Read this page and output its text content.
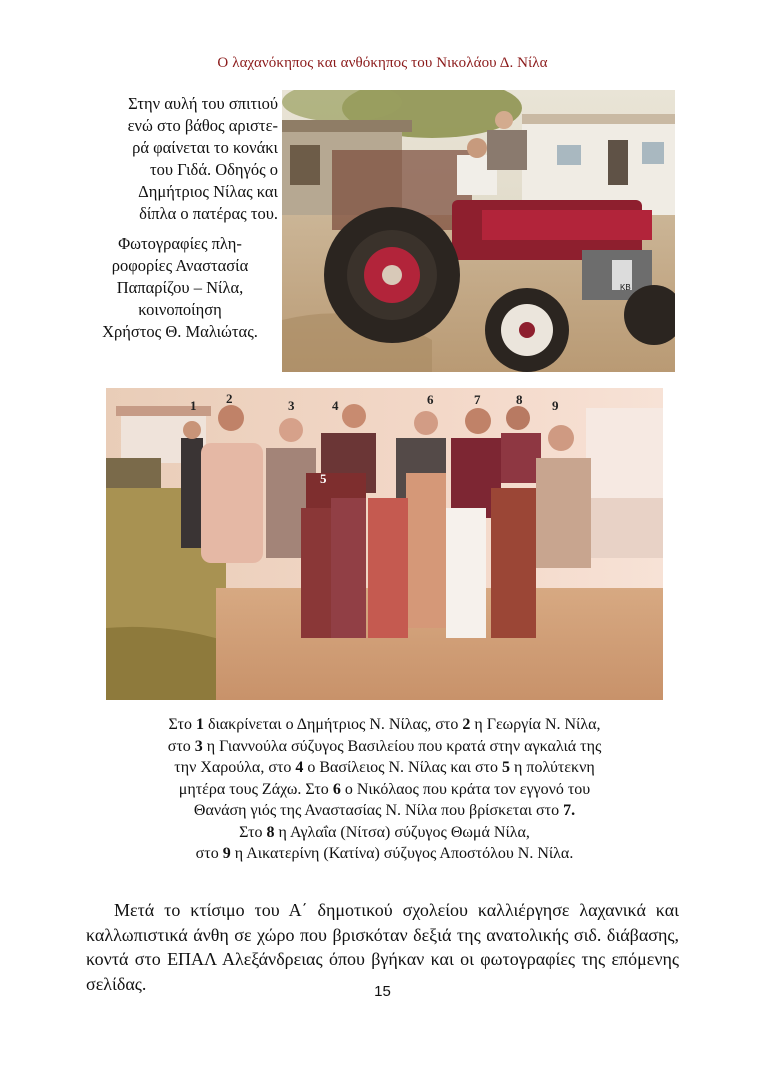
Ο λαχανόκηπος και ανθόκηπος του Νικολάου Δ. Νίλα

Στην αυλή του σπιτιού
ενώ στο βάθος αριστε-
ρά φαίνεται το κονάκι
του Γιδά. Οδηγός ο
Δημήτριος Νίλας και
δίπλα ο πατέρας του.

Φωτογραφίες πλη-
ροφορίες Αναστασία
Παπαρίζου – Νίλα,
κοινοποίηση
Χρήστος Θ. Μαλιώτας.

ΚΒ
1 2	3	4
5
6	7	8 9
Στο 1 διακρίνεται ο Δημήτριος Ν. Νίλας, στο 2 η Γεωργία Ν. Νίλα,
στο 3 η Γιαννούλα σύζυγος Βασιλείου που κρατά στην αγκαλιά της
την Χαρούλα, στο 4 ο Βασίλειος Ν. Νίλας και στο 5 η πολύτεκνη
μητέρα τους Ζάχω. Στο 6 ο Νικόλαος που κράτα τον εγγονό του
Θανάση γιός της Αναστασίας Ν. Νίλα που βρίσκεται στο 7.
Στο 8 η Αγλαΐα (Νίτσα) σύζυγος Θωμά Νίλα,
στο 9 η Αικατερίνη (Κατίνα) σύζυγος Αποστόλου Ν. Νίλα.

Μετά το κτίσιμο του Α΄ δημοτικού σχολείου καλλιέργησε λαχανικά και καλλωπιστικά άνθη σε χώρο που βρισκόταν δεξιά της ανατολικής σιδ. διάβασης, κοντά στο ΕΠΑΛ Αλεξάνδρειας όπου βγήκαν και οι φωτογραφίες της επόμενης σελίδας.	15
